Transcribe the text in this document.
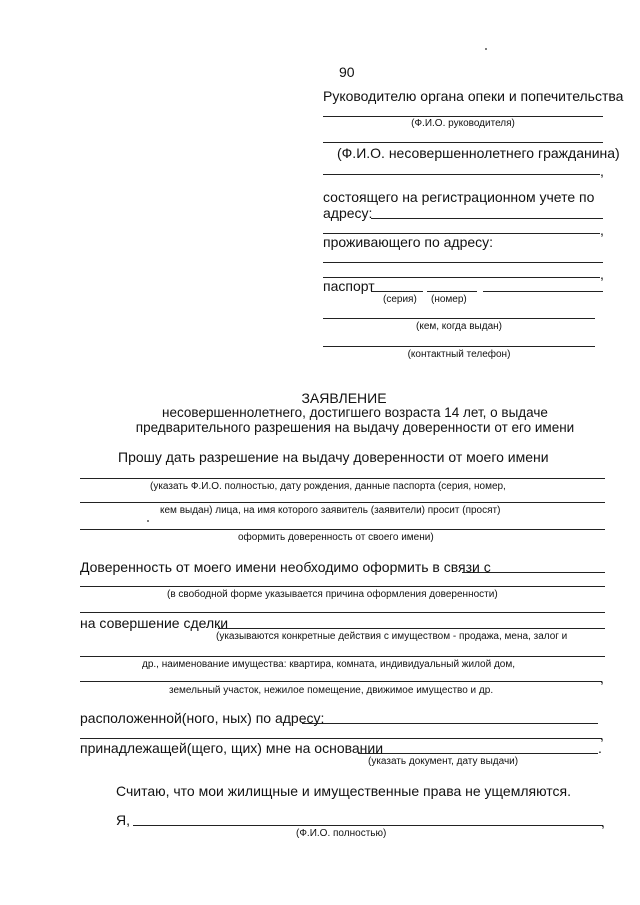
90
Руководителю органа опеки и попечительства
(Ф.И.О. руководителя)
(Ф.И.О. несовершеннолетнего гражданина)
,
состоящего на регистрационном учете по
адресу:
,
проживающего по адресу:
,
паспорт
(серия) (номер)
(кем, когда выдан)
(контактный телефон)
ЗАЯВЛЕНИЕ
несовершеннолетнего, достигшего возраста 14 лет, о выдаче
предварительного разрешения на выдачу доверенности от его имени
Прошу дать разрешение на выдачу доверенности от моего имени
(указать Ф.И.О. полностью, дату рождения, данные паспорта (серия, номер,
кем выдан) лица, на имя которого заявитель (заявители) просит (просят)
оформить доверенность от своего имени)
Доверенность от моего имени необходимо оформить в связи с
(в свободной форме указывается причина оформления доверенности)
на совершение сделки
(указываются конкретные действия с имуществом - продажа, мена, залог и
др., наименование имущества: квартира, комната, индивидуальный жилой дом,
,
земельный участок, нежилое помещение, движимое имущество и др.
расположенной(ного, ных) по адресу:
,
принадлежащей(щего, щих) мне на основании	.
(указать документ, дату выдачи)
Считаю, что мои жилищные и имущественные права не ущемляются.
Я,	,
(Ф.И.О. полностью)
